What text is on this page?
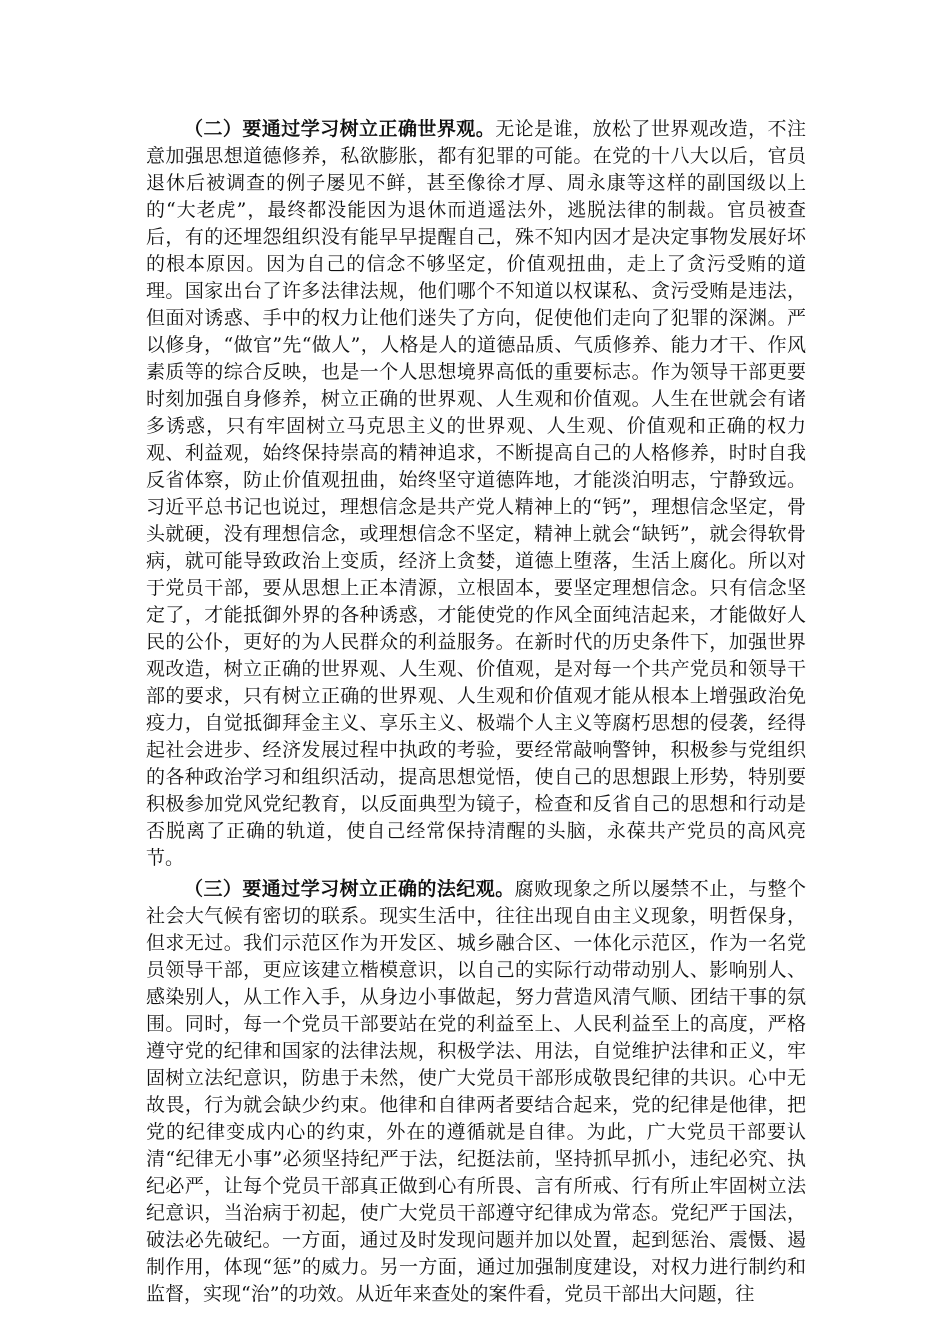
（二）要通过学习树立正确世界观。无论是谁，放松了世界观改造，不注意加强思想道德修养，私欲膨胀，都有犯罪的可能。在党的十八大以后，官员退休后被调查的例子屡见不鲜，甚至像徐才厚、周永康等这样的副国级以上的“大老虎”，最终都没能因为退休而逍遥法外，逃脱法律的制裁。官员被查后，有的还埋怨组织没有能早早提醒自己，殊不知内因才是决定事物发展好坏的根本原因。因为自己的信念不够坚定，价值观扭曲，走上了贪污受贿的道理。国家出台了许多法律法规，他们哪个不知道以权谋私、贪污受贿是违法，但面对诱惑、手中的权力让他们迷失了方向，促使他们走向了犯罪的深渊。严以修身，“做官”先“做人”，人格是人的道德品质、气质修养、能力才干、作风素质等的综合反映，也是一个人思想境界高低的重要标志。作为领导干部更要时刻加强自身修养，树立正确的世界观、人生观和价值观。人生在世就会有诸多诱惑，只有牢固树立马克思主义的世界观、人生观、价值观和正确的权力观、利益观，始终保持崇高的精神追求，不断提高自己的人格修养，时时自我反省体察，防止价值观扭曲，始终坚守道德阵地，才能淡泊明志，宁静致远。习近平总书记也说过，理想信念是共产党人精神上的“钙”，理想信念坚定，骨头就硬，没有理想信念，或理想信念不坚定，精神上就会“缺钙”，就会得软骨病，就可能导致政治上变质，经济上贪婪，道德上堕落，生活上腐化。所以对于党员干部，要从思想上正本清源，立根固本，要坚定理想信念。只有信念坚定了，才能抵御外界的各种诱惑，才能使党的作风全面纯洁起来，才能做好人民的公仆，更好的为人民群众的利益服务。在新时代的历史条件下，加强世界观改造，树立正确的世界观、人生观、价值观，是对每一个共产党员和领导干部的要求，只有树立正确的世界观、人生观和价值观才能从根本上增强政治免疫力，自觉抵御拜金主义、享乐主义、极端个人主义等腐朽思想的侵袭，经得起社会进步、经济发展过程中执政的考验，要经常敲响警钟，积极参与党组织的各种政治学习和组织活动，提高思想觉悟，使自己的思想跟上形势，特别要积极参加党风党纪教育，以反面典型为镜子，检查和反省自己的思想和行动是否脱离了正确的轨道，使自己经常保持清醒的头脑，永葆共产党员的高风亮节。

（三）要通过学习树立正确的法纪观。腐败现象之所以屡禁不止，与整个社会大气候有密切的联系。现实生活中，往往出现自由主义现象，明哲保身，但求无过。我们示范区作为开发区、城乡融合区、一体化示范区，作为一名党员领导干部，更应该建立楷模意识，以自己的实际行动带动别人、影响别人、感染别人，从工作入手，从身边小事做起，努力营造风清气顺、团结干事的氛围。同时，每一个党员干部要站在党的利益至上、人民利益至上的高度，严格遵守党的纪律和国家的法律法规，积极学法、用法，自觉维护法律和正义，牢固树立法纪意识，防患于未然，使广大党员干部形成敬畏纪律的共识。心中无故畏，行为就会缺少约束。他律和自律两者要结合起来，党的纪律是他律，把党的纪律变成内心的约束，外在的遵循就是自律。为此，广大党员干部要认清“纪律无小事”必须坚持纪严于法，纪挺法前，坚持抓早抓小，违纪必究、执纪必严，让每个党员干部真正做到心有所畏、言有所戒、行有所止牢固树立法纪意识，当治病于初起，使广大党员干部遵守纪律成为常态。党纪严于国法，破法必先破纪。一方面，通过及时发现问题并加以处置，起到惩治、震慑、遏制作用，体现“惩”的威力。另一方面，通过加强制度建设，对权力进行制约和监督，实现“治”的功效。从近年来查处的案件看，党员干部出大问题，往
